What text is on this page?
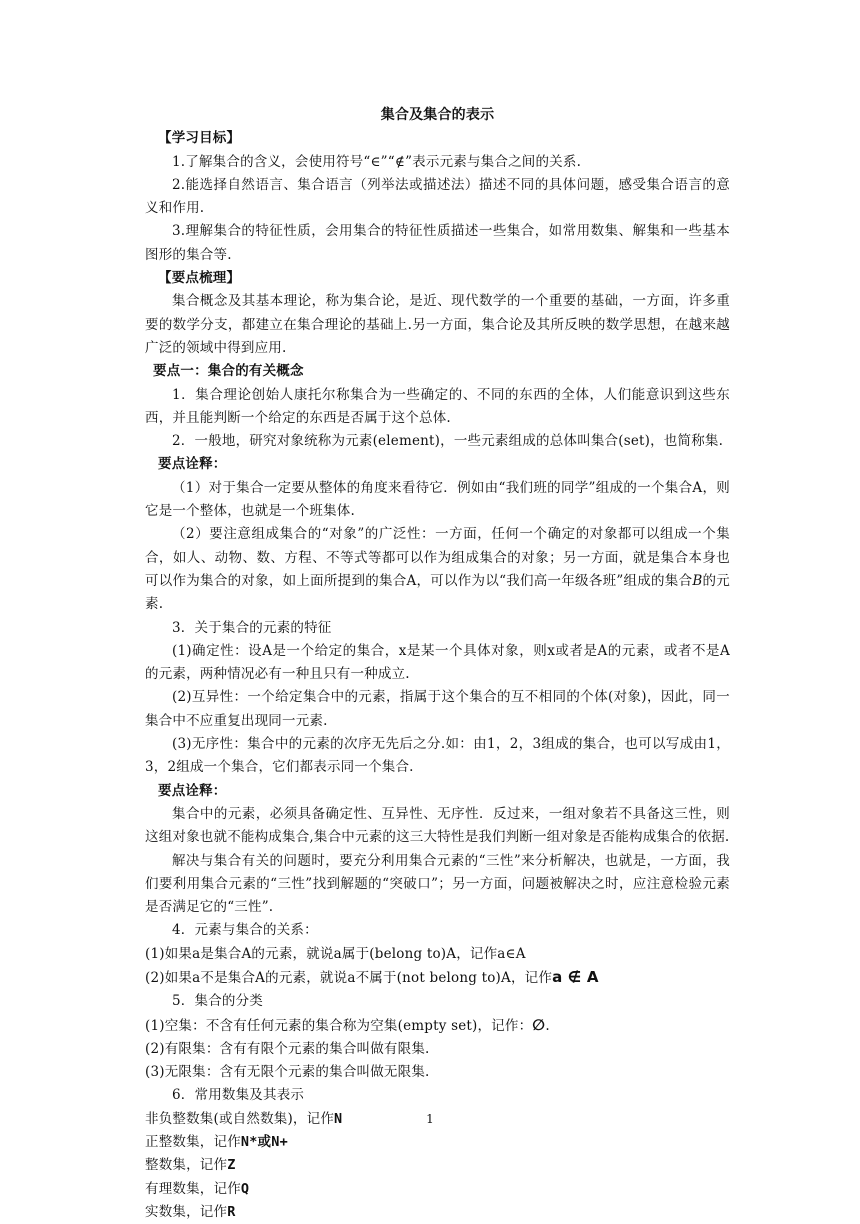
集合及集合的表示
【学习目标】
1.了解集合的含义，会使用符号“∈”“∉”表示元素与集合之间的关系.
2.能选择自然语言、集合语言（列举法或描述法）描述不同的具体问题，感受集合语言的意义和作用.
3.理解集合的特征性质，会用集合的特征性质描述一些集合，如常用数集、解集和一些基本图形的集合等.
【要点梳理】
集合概念及其基本理论，称为集合论，是近、现代数学的一个重要的基础，一方面，许多重要的数学分支，都建立在集合理论的基础上.另一方面，集合论及其所反映的数学思想，在越来越广泛的领域中得到应用.
要点一：集合的有关概念
1．集合理论创始人康托尔称集合为一些确定的、不同的东西的全体，人们能意识到这些东西，并且能判断一个给定的东西是否属于这个总体.
2．一般地，研究对象统称为元素(element)，一些元素组成的总体叫集合(set)，也简称集.
要点诠释：
（1）对于集合一定要从整体的角度来看待它．例如由“我们班的同学”组成的一个集合A，则它是一个整体，也就是一个班集体.
（2）要注意组成集合的“对象”的广泛性：一方面，任何一个确定的对象都可以组成一个集合，如人、动物、数、方程、不等式等都可以作为组成集合的对象；另一方面，就是集合本身也可以作为集合的对象，如上面所提到的集合A，可以作为以“我们高一年级各班”组成的集合B的元素.
3．关于集合的元素的特征
(1)确定性：设A是一个给定的集合，x是某一个具体对象，则x或者是A的元素，或者不是A的元素，两种情况必有一种且只有一种成立.
(2)互异性：一个给定集合中的元素，指属于这个集合的互不相同的个体(对象)，因此，同一集合中不应重复出现同一元素.
(3)无序性：集合中的元素的次序无先后之分.如：由1，2，3组成的集合，也可以写成由1，3，2组成一个集合，它们都表示同一个集合.
要点诠释：
集合中的元素，必须具备确定性、互异性、无序性．反过来，一组对象若不具备这三性，则这组对象也就不能构成集合,集合中元素的这三大特性是我们判断一组对象是否能构成集合的依据.
解决与集合有关的问题时，要充分利用集合元素的“三性”来分析解决，也就是，一方面，我们要利用集合元素的“三性”找到解题的“突破口”；另一方面，问题被解决之时，应注意检验元素是否满足它的“三性”.
4．元素与集合的关系：
(1)如果a是集合A的元素，就说a属于(belong to)A，记作a∈A
(2)如果a不是集合A的元素，就说a不属于(not belong to)A，记作a ∉ A
5．集合的分类
(1)空集：不含有任何元素的集合称为空集(empty set)，记作：∅.
(2)有限集：含有有限个元素的集合叫做有限集.
(3)无限集：含有无限个元素的集合叫做无限集.
6．常用数集及其表示
非负整数集(或自然数集)，记作N
正整数集，记作N*或N+
整数集，记作Z
有理数集，记作Q
实数集，记作R
1
